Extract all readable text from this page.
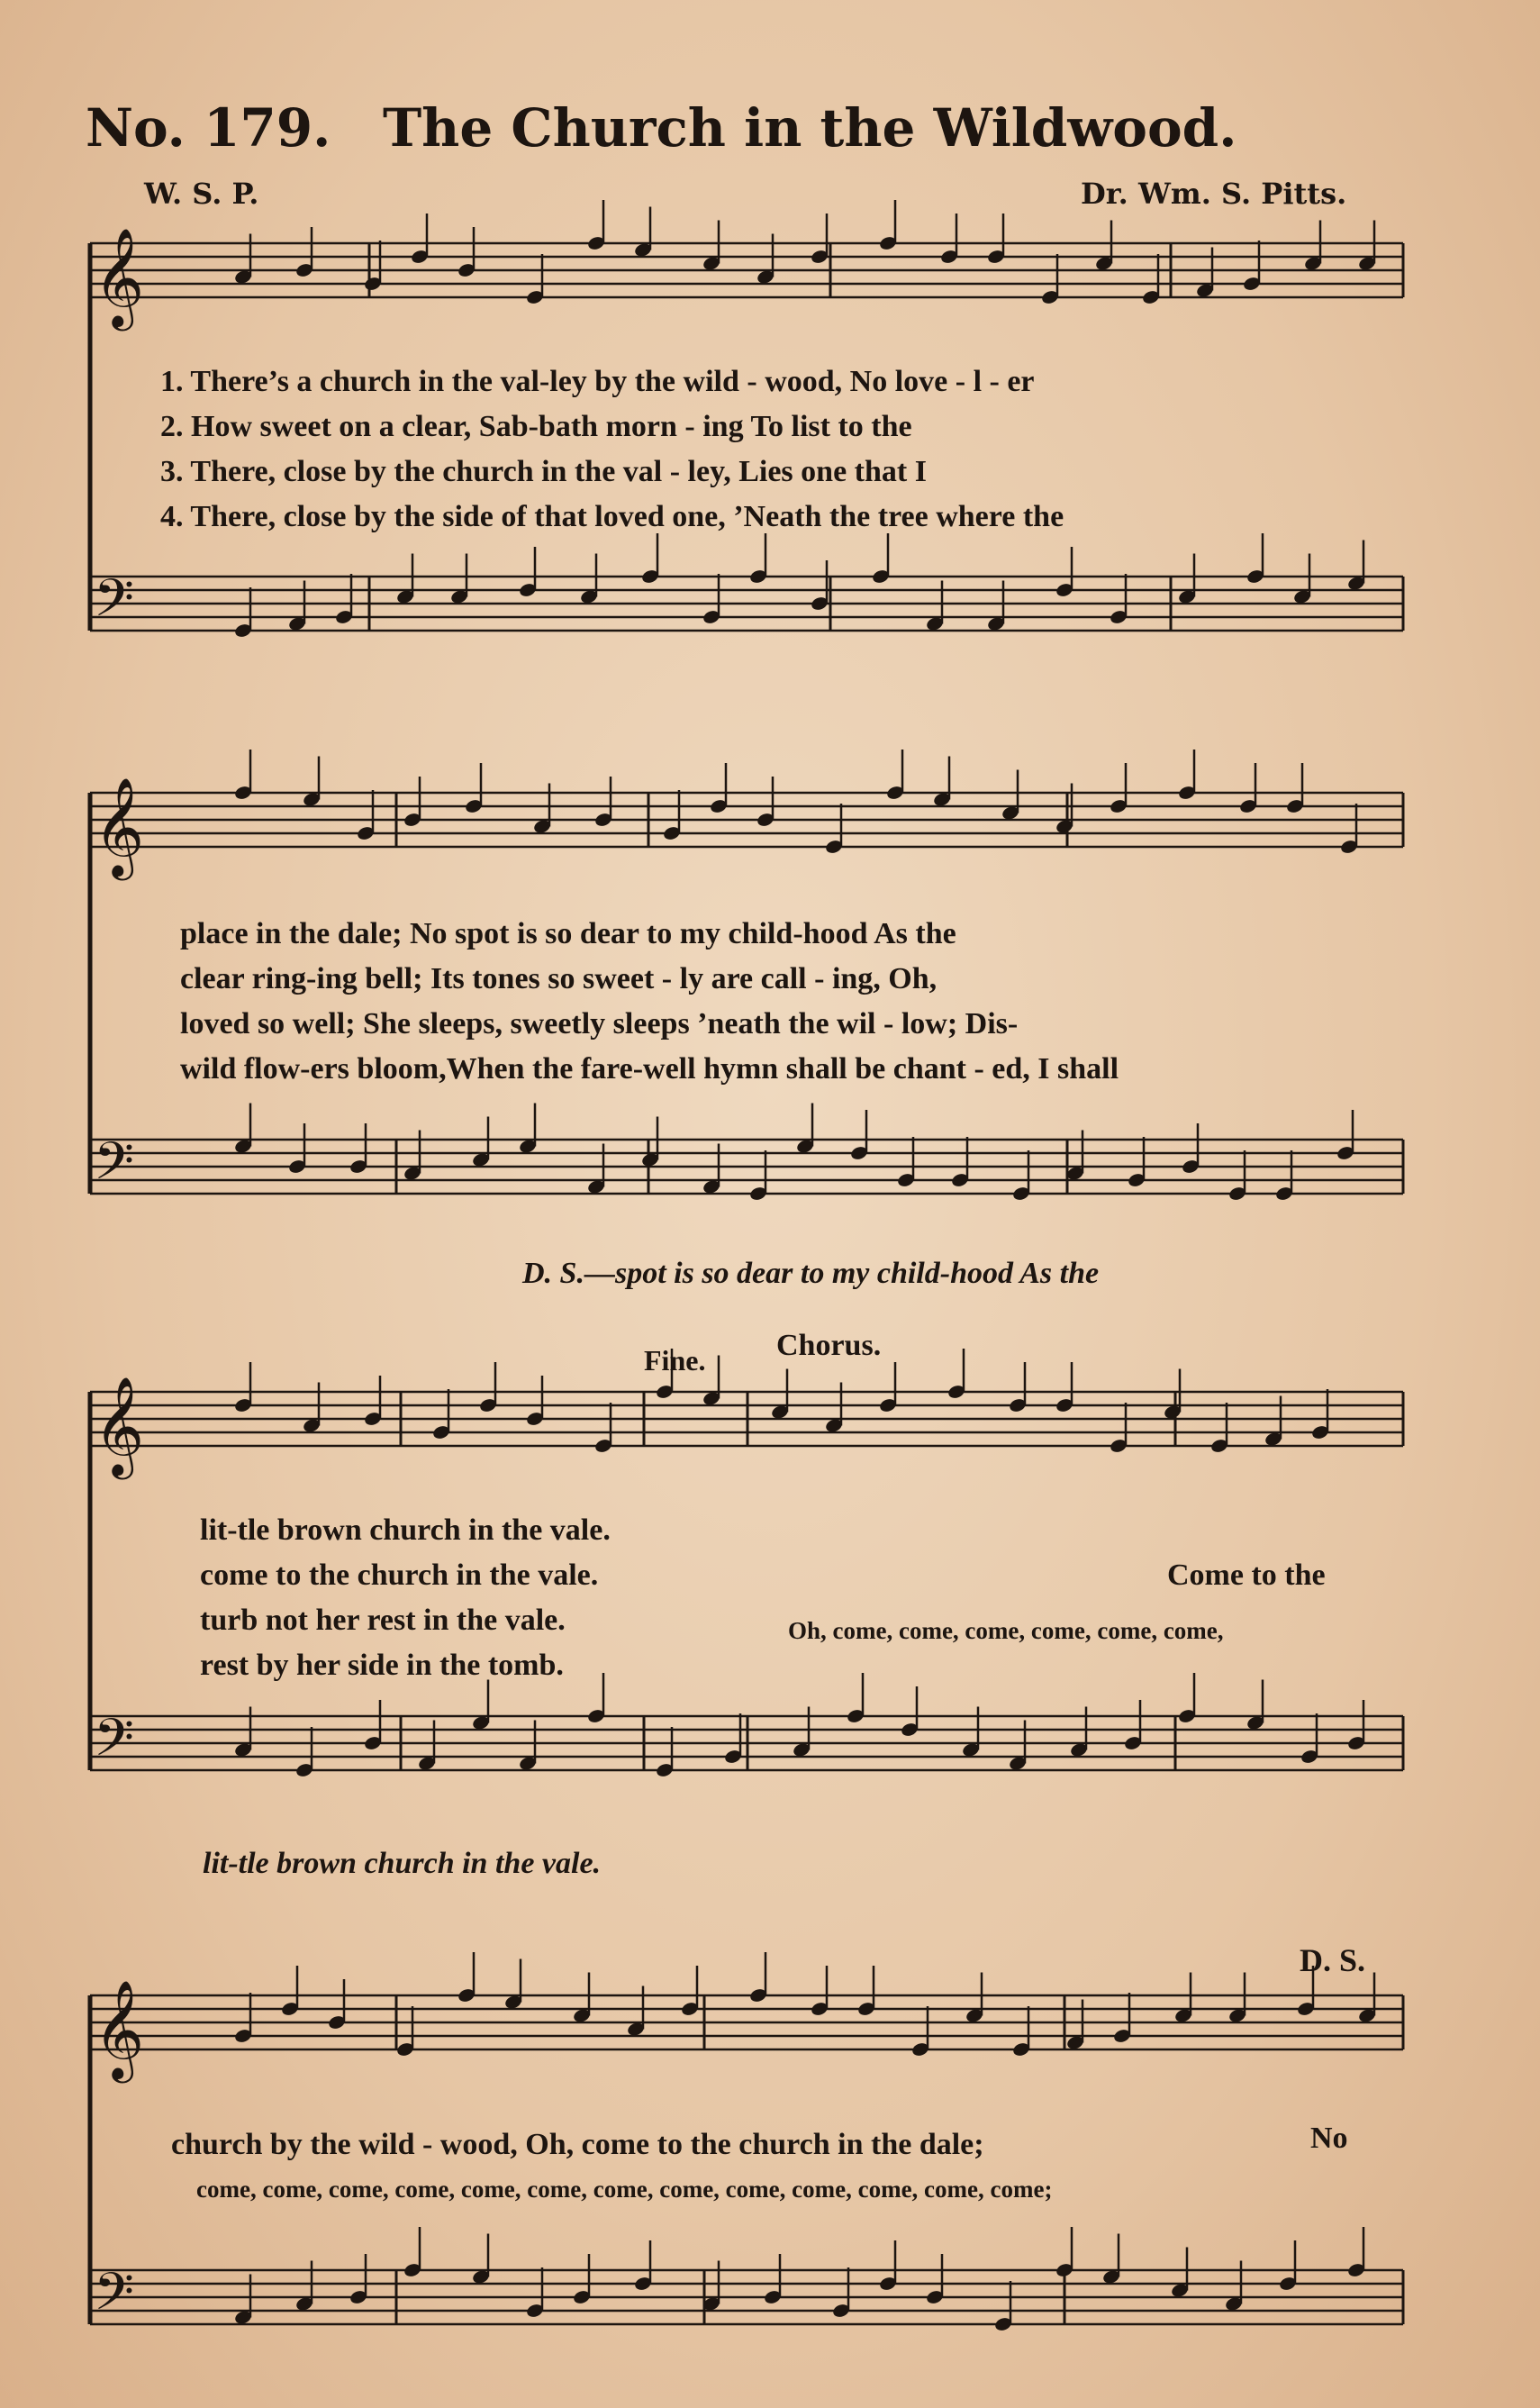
No. 179. The Church in the Wildwood.
W. S. P.	Dr. Wm. S. Pitts.
𝄞
𝄢
𝄞
𝄢
𝄞
𝄢
𝄞
𝄢
1. There’s a church in the val-ley by the wild - wood, No love - l - er
2. How sweet on a clear, Sab-bath morn - ing To list to the
3. There, close by the church in the val - ley, Lies one that I
4. There, close by the side of that loved one, ’Neath the tree where the
place in the dale; No spot is so dear to my child-hood As the
clear ring-ing bell; Its tones so sweet - ly are call - ing, Oh,
loved so well; She sleeps, sweetly sleeps ’neath the wil - low; Dis-
wild flow-ers bloom,When the fare-well hymn shall be chant - ed, I shall
D. S.—spot is so dear to my child-hood As the
Fine. Chorus.
lit-tle brown church in the vale.
come to the church in the vale.
turb not her rest in the vale.
rest by her side in the tomb.
Come to the
Oh, come, come, come, come, come, come,
lit-tle brown church in the vale.
D. S.
church by the wild - wood, Oh, come to the church in the dale;	No
come, come, come, come, come, come, come, come, come, come, come, come, come;
